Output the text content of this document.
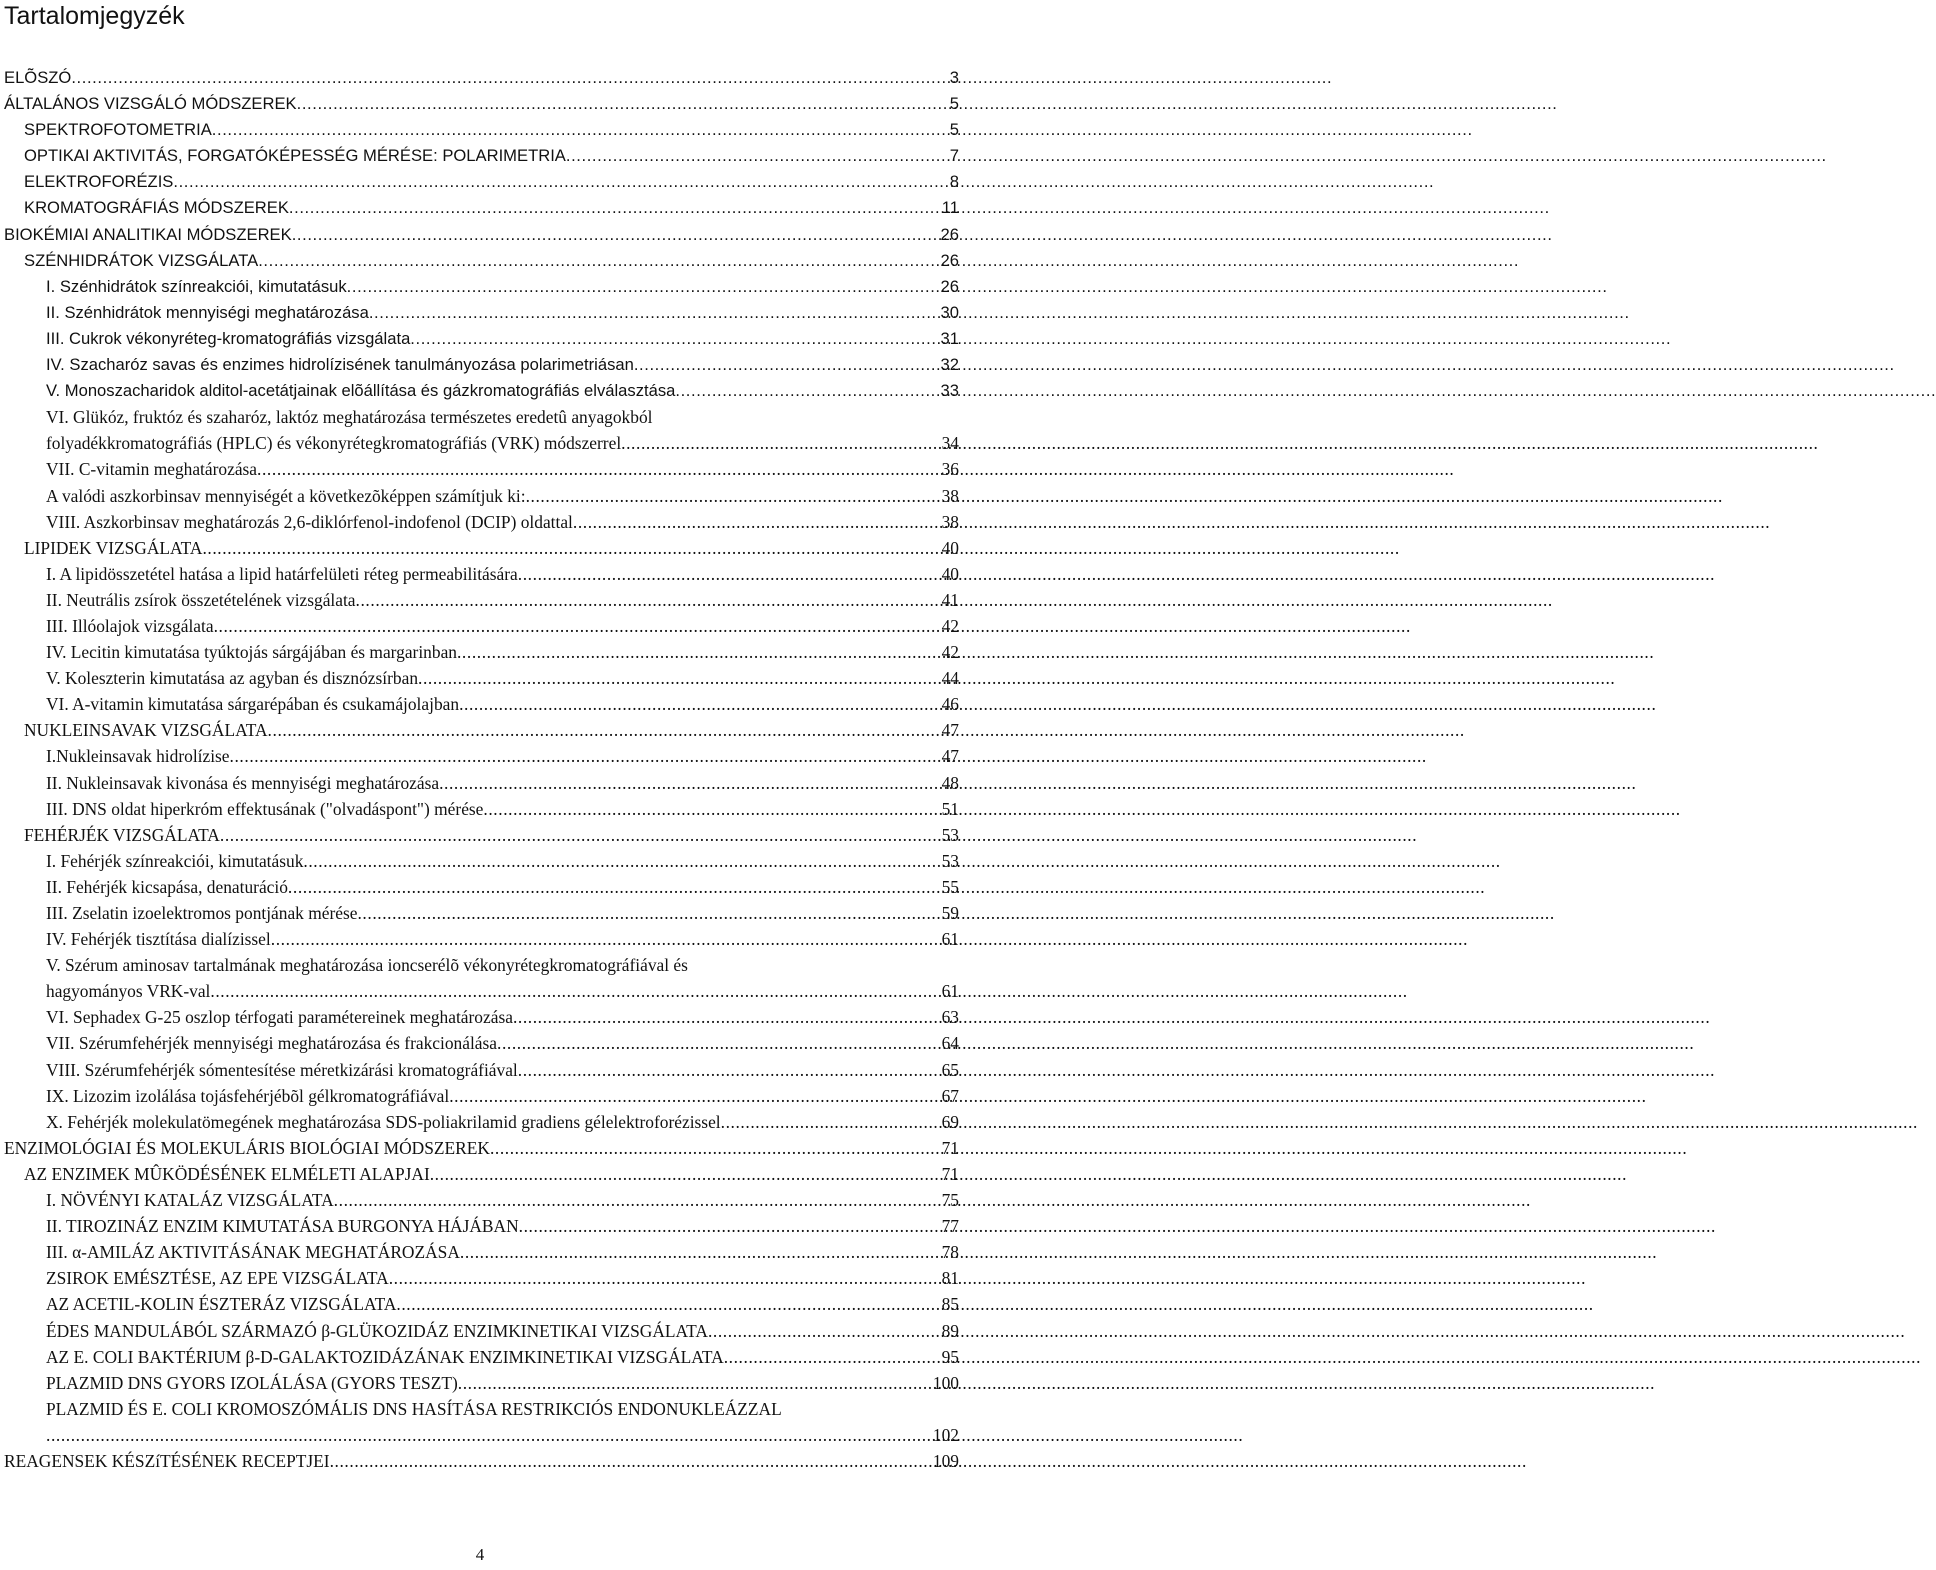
Tartalomjegyzék
ELÕSZÓ .....	3
ÁLTALÁNOS VIZSGÁLÓ MÓDSZEREK .....	5
SPEKTROFOTOMETRIA .....	5
OPTIKAI AKTIVITÁS, FORGATÓKÉPESSÉG MÉRÉSE: POLARIMETRIA .....	7
ELEKTROFORÉZIS .....	8
KROMATOGRÁFIÁS MÓDSZEREK .....	11
BIOKÉMIAI ANALITIKAI MÓDSZEREK .....	26
SZÉNHIDRÁTOK VIZSGÁLATA .....	26
I. Szénhidrátok színreakciói, kimutatásuk .....	26
II. Szénhidrátok mennyiségi meghatározása .....	30
III. Cukrok vékonyréteg-kromatográfiás vizsgálata .....	31
IV. Szacharóz savas és enzimes hidrolízisének tanulmányozása polarimetriásan .....	32
V. Monoszacharidok alditol-acetátjainak elõállítása és gázkromatográfiás elválasztása .....	33
VI. Glükóz, fruktóz és szaharóz, laktóz meghatározása természetes eredetû anyagokból
folyadékkromatográfiás (HPLC) és vékonyrétegkromatográfiás (VRK) módszerrel .....	34
VII. C-vitamin meghatározása .....	36
A valódi aszkorbinsav mennyiségét a következõképpen számítjuk ki: .....	38
VIII. Aszkorbinsav meghatározás 2,6-diklórfenol-indofenol (DCIP) oldattal .....	38
LIPIDEK VIZSGÁLATA .....	40
I. A lipidösszetétel hatása a lipid határfelületi réteg permeabilitására .....	40
II. Neutrális zsírok összetételének vizsgálata .....	41
III. Illóolajok vizsgálata .....	42
IV. Lecitin kimutatása tyúktojás sárgájában és margarinban .....	42
V. Koleszterin kimutatása az agyban és disznózsírban .....	44
VI. A-vitamin kimutatása sárgarépában és csukamájolajban .....	46
NUKLEINSAVAK VIZSGÁLATA .....	47
I.Nukleinsavak hidrolízise .....	47
II. Nukleinsavak kivonása és mennyiségi meghatározása .....	48
III. DNS oldat hiperkróm effektusának ("olvadáspont") mérése .....	51
FEHÉRJÉK VIZSGÁLATA .....	53
I. Fehérjék színreakciói, kimutatásuk .....	53
II. Fehérjék kicsapása, denaturáció .....	55
III. Zselatin izoelektromos pontjának mérése .....	59
IV. Fehérjék tisztítása dialízissel .....	61
V. Szérum aminosav tartalmának meghatározása ioncserélõ vékonyrétegkromatográfiával és
hagyományos VRK-val .....	61
VI. Sephadex G-25 oszlop térfogati paramétereinek meghatározása .....	63
VII. Szérumfehérjék mennyiségi meghatározása és frakcionálása .....	64
VIII. Szérumfehérjék sómentesítése méretkizárási kromatográfiával .....	65
IX. Lizozim izolálása tojásfehérjébõl gélkromatográfiával .....	67
X. Fehérjék molekulatömegének meghatározása SDS-poliakrilamid gradiens gélelektroforézissel .....	69
ENZIMOLÓGIAI ÉS MOLEKULÁRIS BIOLÓGIAI MÓDSZEREK .....	71
AZ ENZIMEK MÛKÖDÉSÉNEK ELMÉLETI ALAPJAI .....	71
I. NÖVÉNYI KATALÁZ VIZSGÁLATA .....	75
II. TIROZINÁZ ENZIM KIMUTATÁSA BURGONYA HÁJÁBAN .....	77
III. α-AMILÁZ AKTIVITÁSÁNAK MEGHATÁROZÁSA .....	78
ZSIROK EMÉSZTÉSE, AZ EPE VIZSGÁLATA .....	81
AZ ACETIL-KOLIN ÉSZTERÁZ VIZSGÁLATA .....	85
ÉDES MANDULÁBÓL SZÁRMAZÓ β-GLÜKOZIDÁZ ENZIMKINETIKAI VIZSGÁLATA .....	89
AZ E. COLI BAKTÉRIUM β-D-GALAKTOZIDÁZÁNAK ENZIMKINETIKAI VIZSGÁLATA .....	95
PLAZMID DNS GYORS IZOLÁLÁSA (GYORS TESZT) .....	100
PLAZMID ÉS E. COLI KROMOSZÓMÁLIS DNS HASÍTÁSA RESTRIKCIÓS ENDONUKLEÁZZAL
.....
102
REAGENSEK KÉSZíTÉSÉNEK RECEPTJEI .....	109
4
